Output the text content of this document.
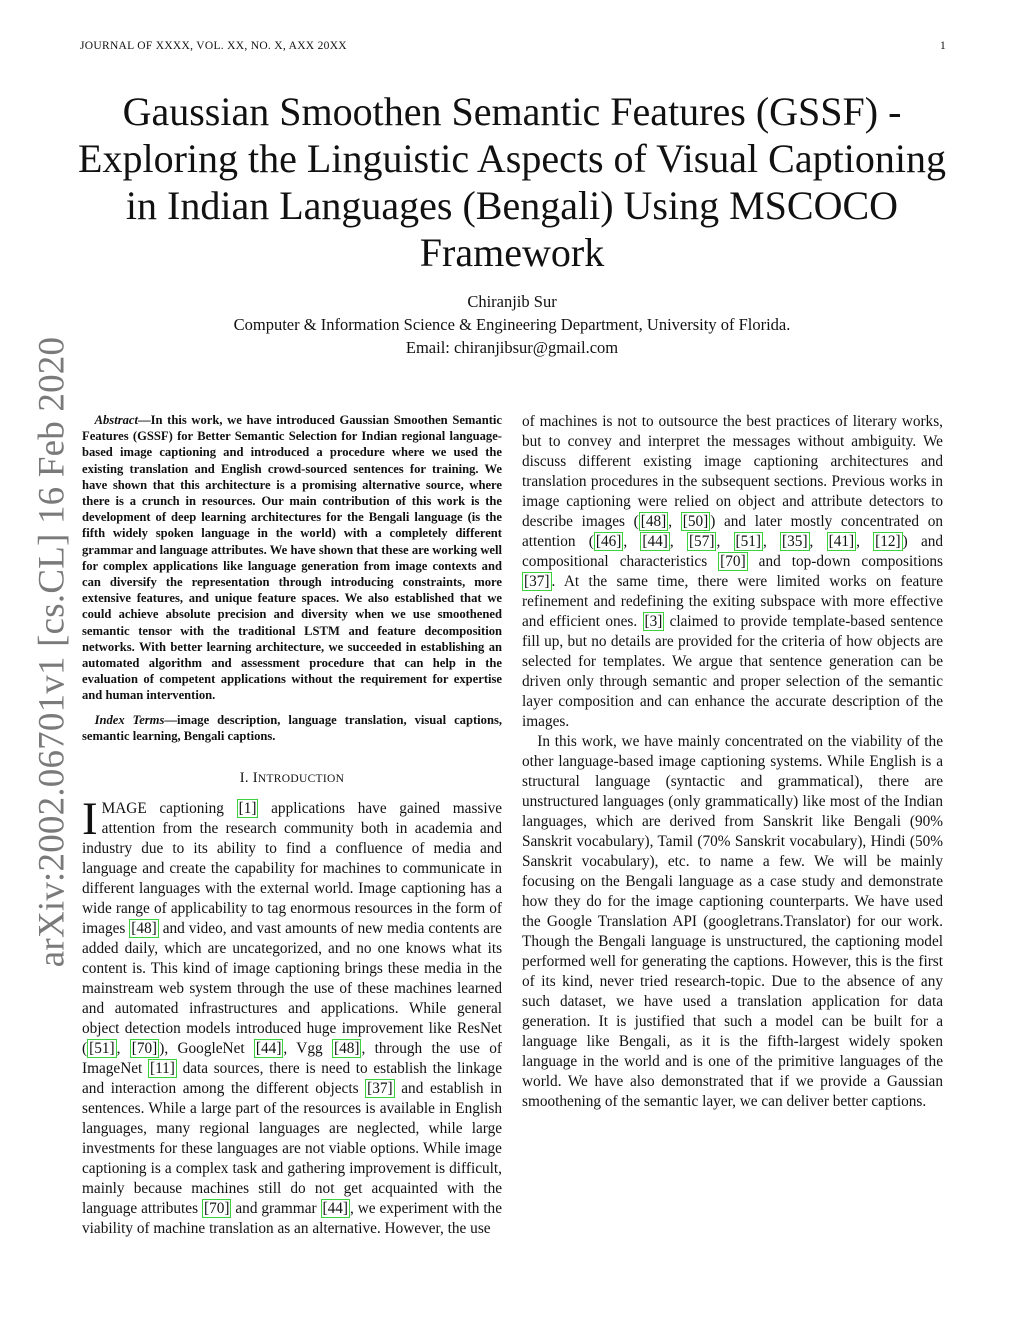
JOURNAL OF XXXX, VOL. XX, NO. X, AXX 20XX	1
Gaussian Smoothen Semantic Features (GSSF) - Exploring the Linguistic Aspects of Visual Captioning in Indian Languages (Bengali) Using MSCOCO Framework
Chiranjib Sur
Computer & Information Science & Engineering Department, University of Florida.
Email: chiranjibsur@gmail.com
arXiv:2002.06701v1 [cs.CL] 16 Feb 2020	Abstract—In this work, we have introduced Gaussian Smoothen Semantic Features (GSSF) for Better Semantic Selection for Indian regional language-based image captioning and introduced a procedure where we used the existing translation and English crowd-sourced sentences for training. We have shown that this architecture is a promising alternative source, where there is a crunch in resources. Our main contribution of this work is the development of deep learning architectures for the Bengali language (is the fifth widely spoken language in the world) with a completely different grammar and language attributes. We have shown that these are working well for complex applications like language generation from image contexts and can diversify the representation through introducing constraints, more extensive features, and unique feature spaces. We also established that we could achieve absolute precision and diversity when we use smoothened semantic tensor with the traditional LSTM and feature decomposition networks. With better learning architecture, we succeeded in establishing an automated algorithm and assessment procedure that can help in the evaluation of competent applications without the requirement for expertise and human intervention.

Index Terms—image description, language translation, visual captions, semantic learning, Bengali captions.

I. INTRODUCTION

IMAGE captioning [1] applications have gained massive attention from the research community both in academia and industry due to its ability to find a confluence of media and language and create the capability for machines to communicate in different languages with the external world. Image captioning has a wide range of applicability to tag enormous resources in the form of images [48] and video, and vast amounts of new media contents are added daily, which are uncategorized, and no one knows what its content is. This kind of image captioning brings these media in the mainstream web system through the use of these machines learned and automated infrastructures and applications. While general object detection models introduced huge improvement like ResNet ( [51] , [70] ), GoogleNet [44] , Vgg [48] , through the use of ImageNet [11] data sources, there is need to establish the linkage and interaction among the different objects [37] and establish in sentences. While a large part of the resources is available in English languages, many regional languages are neglected, while large investments for these languages are not viable options. While image captioning is a complex task and gathering improvement is difficult, mainly because machines still do not get acquainted with the language attributes [70] and grammar [44] , we experiment with the viability of machine translation as an alternative. However, the use

of machines is not to outsource the best practices of literary works, but to convey and interpret the messages without ambiguity. We discuss different existing image captioning architectures and translation procedures in the subsequent sections. Previous works in image captioning were relied on object and attribute detectors to describe images ( [48] , [50] ) and later mostly concentrated on attention ( [46] , [44] , [57] , [51] , [35] , [41] , [12] ) and compositional characteristics [70] and top-down compositions [37] . At the same time, there were limited works on feature refinement and redefining the exiting subspace with more effective and efficient ones. [3] claimed to provide template-based sentence fill up, but no details are provided for the criteria of how objects are selected for templates. We argue that sentence generation can be driven only through semantic and proper selection of the semantic layer composition and can enhance the accurate description of the images.

In this work, we have mainly concentrated on the viability of the other language-based image captioning systems. While English is a structural language (syntactic and grammatical), there are unstructured languages (only grammatically) like most of the Indian languages, which are derived from Sanskrit like Bengali (90% Sanskrit vocabulary), Tamil (70% Sanskrit vocabulary), Hindi (50% Sanskrit vocabulary), etc. to name a few. We will be mainly focusing on the Bengali language as a case study and demonstrate how they do for the image captioning counterparts. We have used the Google Translation API (googletrans.Translator) for our work. Though the Bengali language is unstructured, the captioning model performed well for generating the captions. However, this is the first of its kind, never tried research-topic. Due to the absence of any such dataset, we have used a translation application for data generation. It is justified that such a model can be built for a language like Bengali, as it is the fifth-largest widely spoken language in the world and is one of the primitive languages of the world. We have also demonstrated that if we provide a Gaussian smoothening of the semantic layer, we can deliver better captions.
